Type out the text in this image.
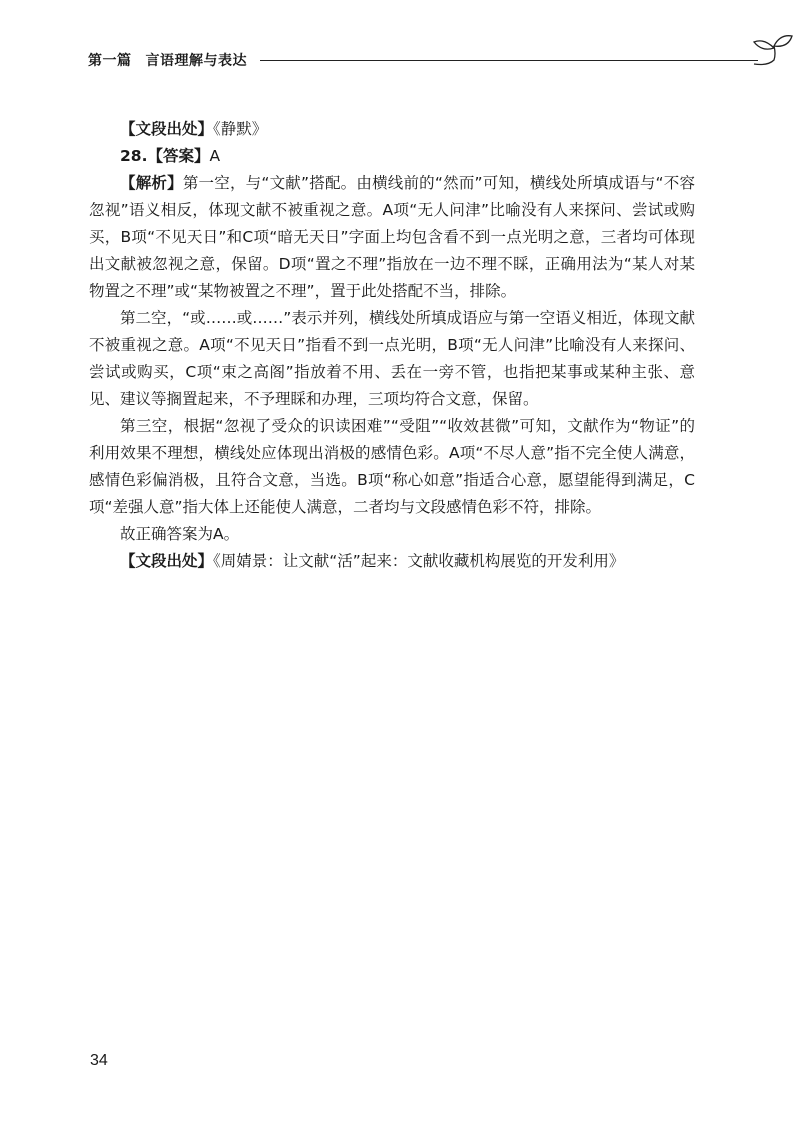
第一篇 言语理解与表达

【文段出处】《静默》

28.【答案】A

【解析】第一空，与“文献”搭配。由横线前的“然而”可知，横线处所填成语与“不容忽视”语义相反，体现文献不被重视之意。A项“无人问津”比喻没有人来探问、尝试或购买，B项“不见天日”和C项“暗无天日”字面上均包含看不到一点光明之意，三者均可体现出文献被忽视之意，保留。D项“置之不理”指放在一边不理不睬，正确用法为“某人对某物置之不理”或“某物被置之不理”，置于此处搭配不当，排除。

第二空，“或……或……”表示并列，横线处所填成语应与第一空语义相近，体现文献不被重视之意。A项“不见天日”指看不到一点光明，B项“无人问津”比喻没有人来探问、尝试或购买，C项“束之高阁”指放着不用、丢在一旁不管，也指把某事或某种主张、意见、建议等搁置起来，不予理睬和办理，三项均符合文意，保留。

第三空，根据“忽视了受众的识读困难”“受阻”“收效甚微”可知，文献作为“物证”的利用效果不理想，横线处应体现出消极的感情色彩。A项“不尽人意”指不完全使人满意，感情色彩偏消极，且符合文意，当选。B项“称心如意”指适合心意，愿望能得到满足，C项“差强人意”指大体上还能使人满意，二者均与文段感情色彩不符，排除。

故正确答案为A。

【文段出处】《周婧景：让文献“活”起来：文献收藏机构展览的开发利用》

34
